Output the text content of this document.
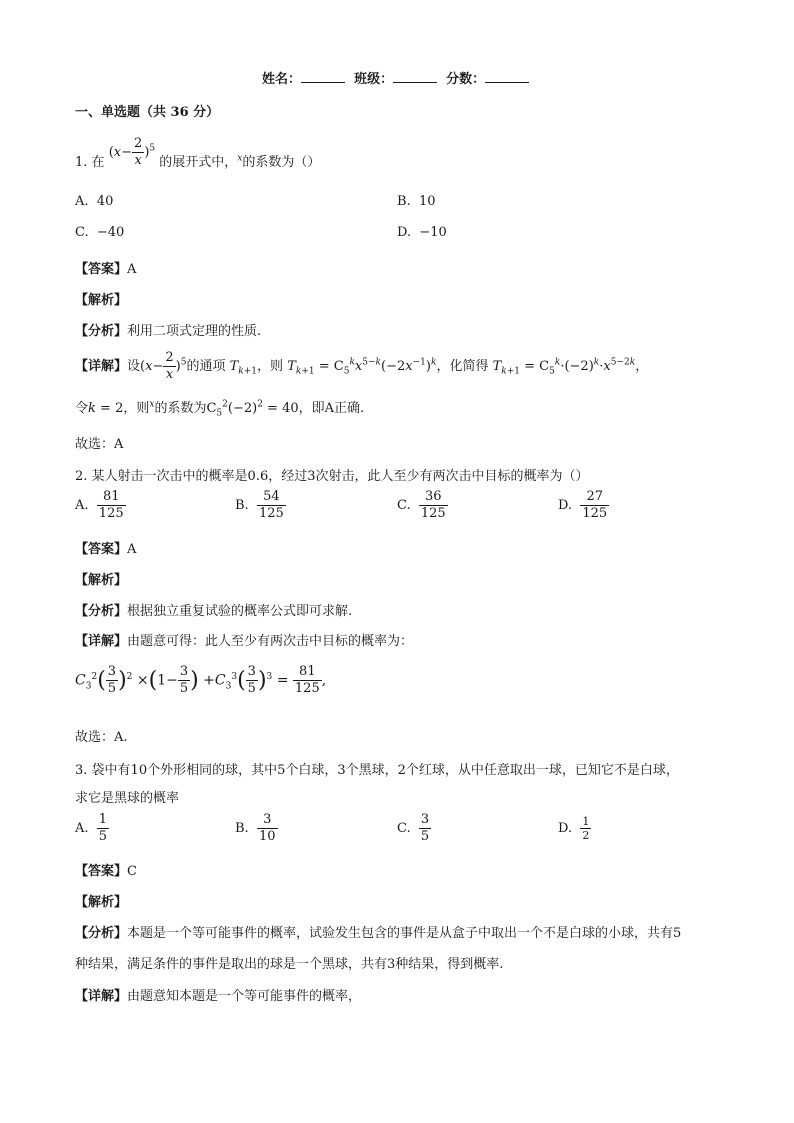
姓名：	班级：	分数：
一、单选题（共 36 分）
1. 在 $(x- \frac{2}{x} )^5$ 的展开式中，$^x$的系数为（）
A. 40	B. 10
C. −40	D. −10
【答案】A
【解析】
【分析】利用二项式定理的性质.
【详解】设$(x- \frac{2}{x} )^5$的通项 $T_{k+1}$，则 $T_{k+1} = C_5^kx^{5-k}(-2x^{-1})^k$，化简得 $T_{k+1} = C_5^k\cdot(-2)^k\cdot x^{5-2k}$，
令k = 2，则$^x$的系数为$C_5^2(-2)^2 = 40$，即A正确.
故选：A
2. 某人射击一次击中的概率是0.6，经过3次射击，此人至少有两次击中目标的概率为（）
A. $\frac{81}{125}$	B. $\frac{54}{125}$	C. $\frac{36}{125}$	D. $\frac{27}{125}$
【答案】A
【解析】
【分析】根据独立重复试验的概率公式即可求解.
【详解】由题意可得：此人至少有两次击中目标的概率为：
$C_3^2( \frac{3}{5} )^2 \times(1- \frac{3}{5}$ ) $+C_3^3( \frac{3}{5} )^3 = \frac{81}{125}$ ,
故选：A.
3. 袋中有10个外形相同的球，其中5个白球，3个黑球，2个红球，从中任意取出一球，已知它不是白球，
求它是黑球的概率
A. $\frac{1}{5}$	B. $\frac{3}{10}$	C. $\frac{3}{5}$	D. $\frac{1}{2}$
【答案】C
【解析】
【分析】本题是一个等可能事件的概率，试验发生包含的事件是从盒子中取出一个不是白球的小球，共有5
种结果，满足条件的事件是取出的球是一个黑球，共有3种结果，得到概率.
【详解】由题意知本题是一个等可能事件的概率，
